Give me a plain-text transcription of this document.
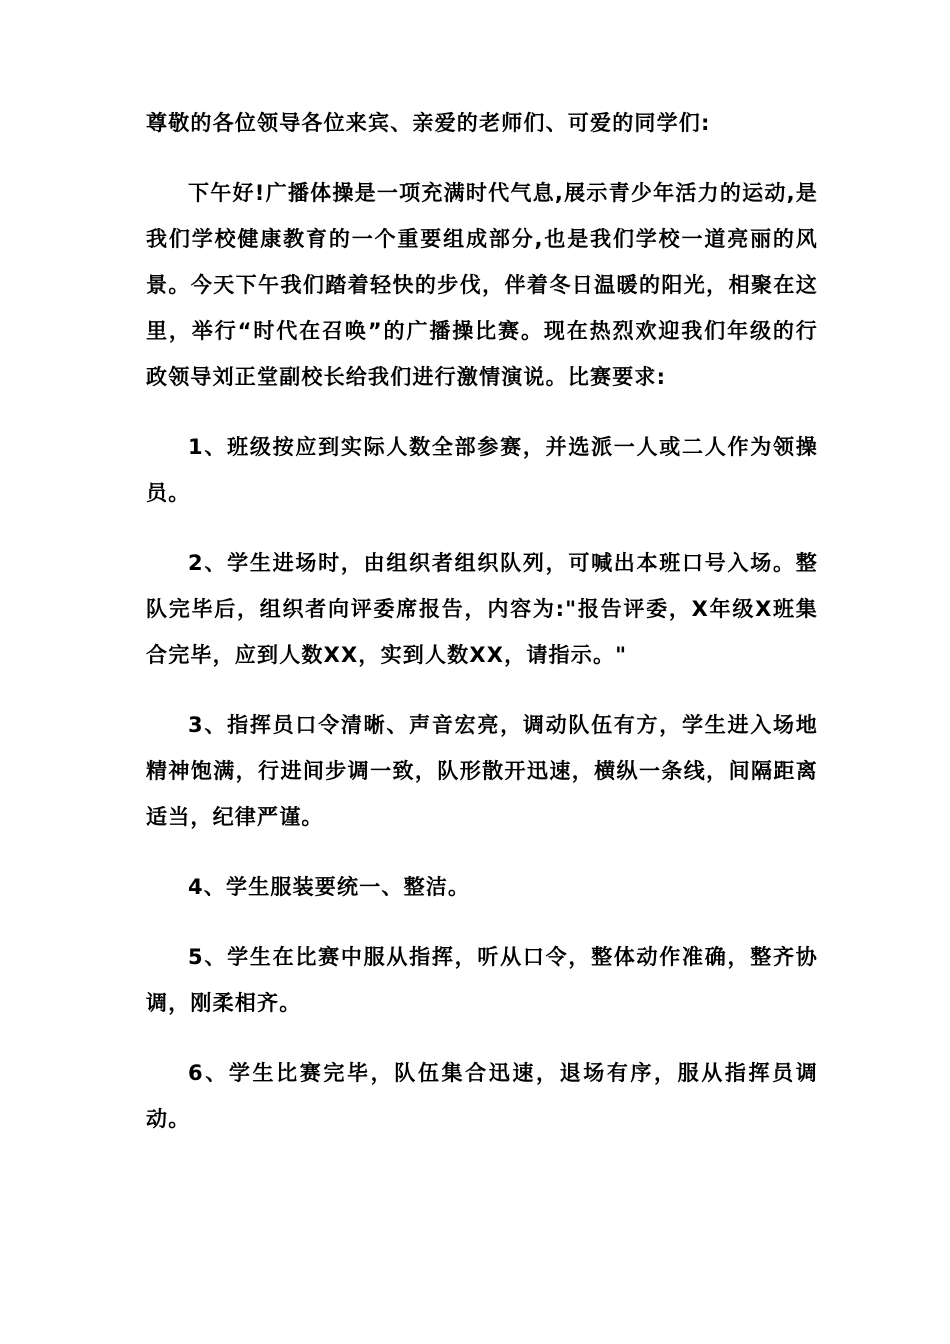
尊敬的各位领导各位来宾、亲爱的老师们、可爱的同学们:

下午好!广播体操是一项充满时代气息,展示青少年活力的运动,是我们学校健康教育的一个重要组成部分,也是我们学校一道亮丽的风景。今天下午我们踏着轻快的步伐，伴着冬日温暖的阳光，相聚在这里，举行“时代在召唤”的广播操比赛。现在热烈欢迎我们年级的行政领导刘正堂副校长给我们进行激情演说。比赛要求:

1、班级按应到实际人数全部参赛，并选派一人或二人作为领操员。

2、学生进场时，由组织者组织队列，可喊出本班口号入场。整队完毕后，组织者向评委席报告，内容为:"报告评委，X年级X班集合完毕，应到人数XX，实到人数XX，请指示。"

3、指挥员口令清晰、声音宏亮，调动队伍有方，学生进入场地精神饱满，行进间步调一致，队形散开迅速，横纵一条线，间隔距离适当，纪律严谨。

4、学生服装要统一、整洁。

5、学生在比赛中服从指挥，听从口令，整体动作准确，整齐协调，刚柔相齐。

6、学生比赛完毕，队伍集合迅速，退场有序，服从指挥员调动。
